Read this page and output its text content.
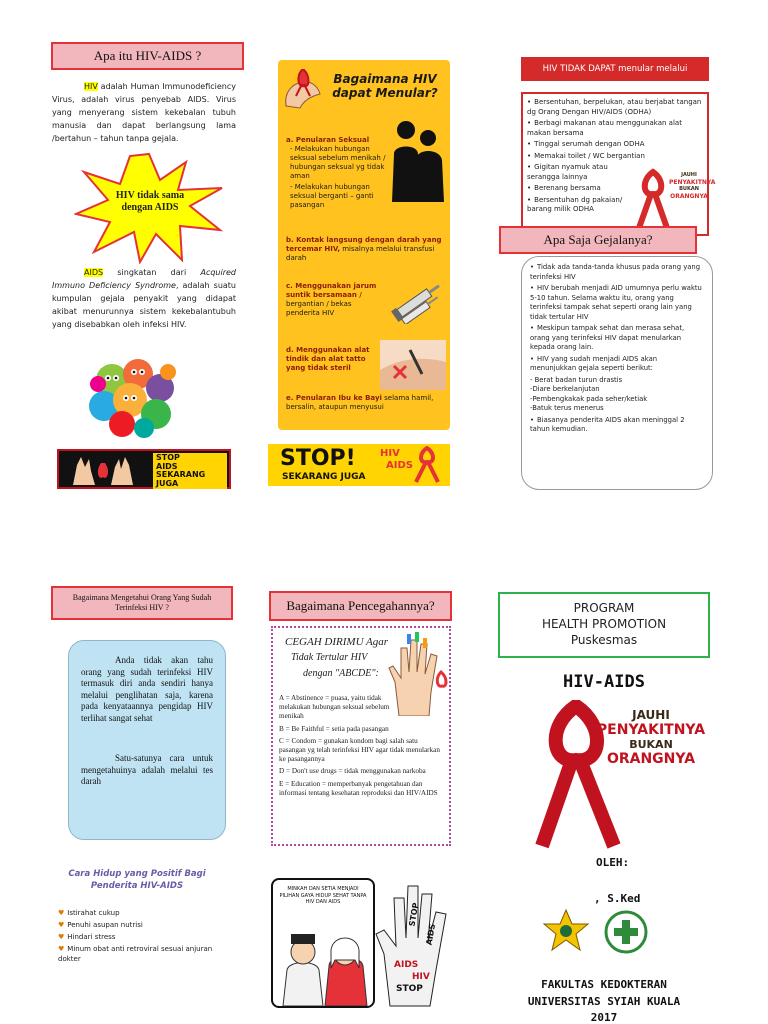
Apa itu HIV-AIDS ?
HIV adalah Human Immunodeficiency Virus, adalah virus penyebab AIDS. Virus yang menyerang sistem kekebalan tubuh manusia dan dapat berlangsung lama /bertahun – tahun tanpa gejala.
HIV tidak sama dengan AIDS
AIDS singkatan dari Acquired Immuno Deficiency Syndrome, adalah suatu kumpulan gejala penyakit yang didapat akibat menurunnya sistem kekebalantubuh yang disebabkan oleh infeksi HIV.
STOP
AIDS
SEKARANG
JUGA
Bagaimana HIV dapat Menular?
a. Penularan Seksual
- Melakukan hubungan seksual sebelum menikah / hubungan seksual yg tidak aman
- Melakukan hubungan seksual berganti – ganti pasangan
b. Kontak langsung dengan darah yang tercemar HIV, misalnya melalui transfusi darah
c. Menggunakan jarum suntik bersamaan / bergantian / bekas penderita HIV
d. Menggunakan alat tindik dan alat tatto yang tidak steril
e. Penularan Ibu ke Bayi selama hamil, bersalin, ataupun menyusui
STOP! HIV
AIDS
SEKARANG JUGA
HIV TIDAK DAPAT menular melalui
• Bersentuhan, berpelukan, atau berjabat tangan dg Orang Dengan HIV/AIDS (ODHA)
• Berbagi makanan atau menggunakan alat makan bersama
• Tinggal serumah dengan ODHA
• Memakai toilet / WC bergantian
• Gigitan nyamuk atau serangga lainnya
• Berenang bersama
• Bersentuhan dg pakaian/ barang milik ODHA
JAUHI
PENYAKITNYA
BUKAN
ORANGNYA
Apa Saja Gejalanya?
• Tidak ada tanda-tanda khusus pada orang yang terinfeksi HIV
• HIV berubah menjadi AID umumnya perlu waktu 5-10 tahun. Selama waktu itu, orang yang terinfeksi tampak sehat seperti orang lain yang tidak tertular HIV
• Meskipun tampak sehat dan merasa sehat, orang yang terinfeksi HIV dapat menularkan kepada orang lain.
• HIV yang sudah menjadi AIDS akan menunjukkan gejala seperti berikut:
- Berat badan turun drastis
-Diare berkelanjutan
-Pembengkakak pada seher/ketiak
-Batuk terus menerus
• Biasanya penderita AIDS akan meninggal 2 tahun kemudian.
Bagaimana Mengetahui Orang Yang Sudah Terinfeksi HIV ?
Anda tidak akan tahu orang yang sudah terinfeksi HIV termasuk diri anda sendiri hanya melalui penglihatan saja, karena pada kenyataannya pengidap HIV terlihat sangat sehat
Satu-satunya cara untuk mengetahuinya adalah melalui tes darah
Cara Hidup yang Positif Bagi Penderita HIV-AIDS
♥ Istirahat cukup
♥ Penuhi asupan nutrisi
♥ Hindari stress
♥ Minum obat anti retroviral sesuai anjuran dokter
Bagaimana Pencegahannya?
CEGAH DIRIMU Agar
Tidak Tertular HIV
dengan "ABCDE":
A = Abstinence = puasa, yaitu tidak melakukan hubungan seksual sebelum menikah
B = Be Faithful = setia pada pasangan
C = Condom = gunakan kondom bagi salah satu pasangan yg telah terinfeksi HIV agar tidak menularkan ke pasangannya
D = Don't use drugs = tidak menggunakan narkoba
E = Education = memperbanyak pengetahuan dan informasi tentang kesehatan reproduksi dan HIV/AIDS
MINKAH DAN SETIA MENJADI PILIHAN GAYA HIDUP SEHAT TANPA HIV DAN AIDS	STOP
AIDS
HIV
STOP
AIDS
PROGRAM
HEALTH PROMOTION
Puskesmas
HIV-AIDS
JAUHI
PENYAKITNYA
BUKAN
ORANGNYA
OLEH:
, S.Ked
FAKULTAS KEDOKTERAN
UNIVERSITAS SYIAH KUALA
2017
